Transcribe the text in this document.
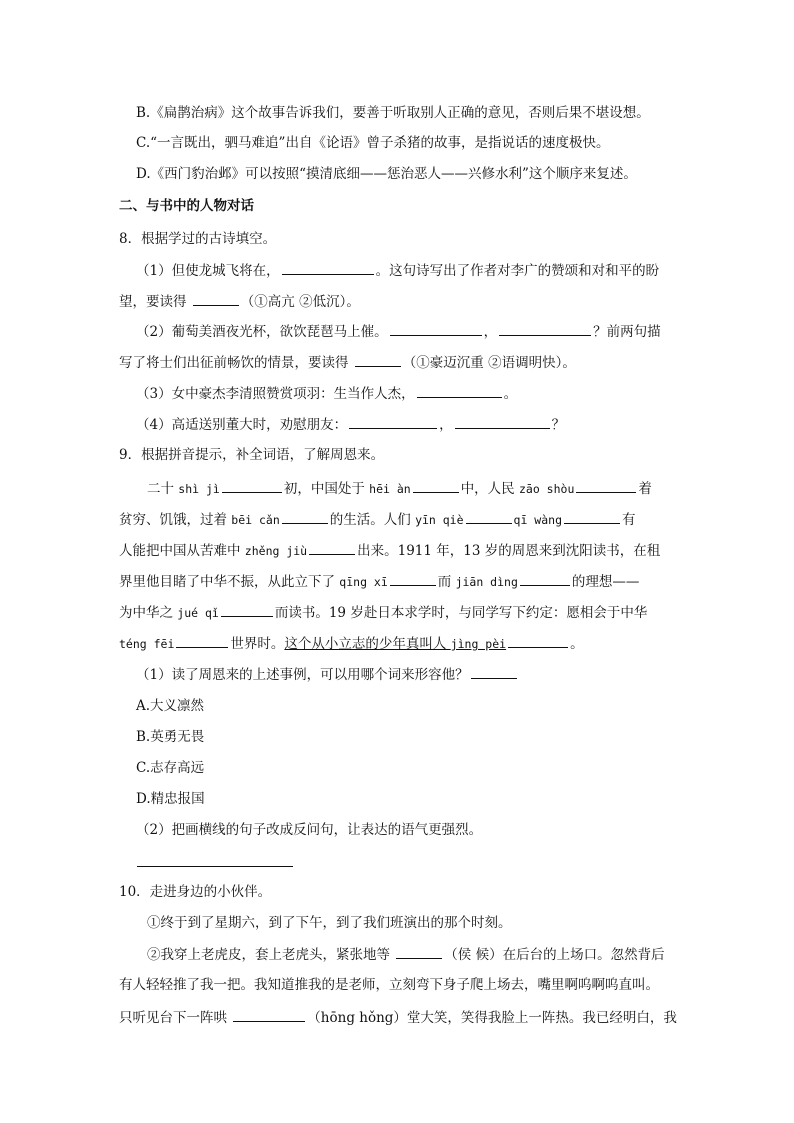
B.《扁鹊治病》这个故事告诉我们，要善于听取别人正确的意见，否则后果不堪设想。
C.“一言既出，驷马难追”出自《论语》曾子杀猪的故事，是指说话的速度极快。
D.《西门豹治邺》可以按照“摸清底细——惩治恶人——兴修水利”这个顺序来复述。
二、与书中的人物对话
8．根据学过的古诗填空。
（1）但使龙城飞将在，	。这句诗写出了作者对李广的赞颂和对和平的盼
望，要读得	（①高亢 ②低沉）。
（2）葡萄美酒夜光杯，欲饮琵琶马上催。	，	？前两句描
写了将士们出征前畅饮的情景，要读得	（①豪迈沉重 ②语调明快）。
（3）女中豪杰李清照赞赏项羽：生当作人杰，	。
（4）高适送别董大时，劝慰朋友：	，	？
9．根据拼音提示，补全词语，了解周恩来。
二十 shì jì	初，中国处于 hēi àn	中，人民 zāo shòu	着
贫穷、饥饿，过着 bēi cǎn	的生活。人们 yīn qiè	qī wàng	有
人能把中国从苦难中 zhěng jiù	出来。1911 年，13 岁的周恩来到沈阳读书，在租
界里他目睹了中华不振，从此立下了 qīng xī	而 jiān dìng	的理想——
为中华之 jué qǐ	而读书。19 岁赴日本求学时，与同学写下约定：愿相会于中华
téng fēi	世界时。这个从小立志的少年真叫人 jìng pèi	。
（1）读了周恩来的上述事例，可以用哪个词来形容他？
A.大义凛然
B.英勇无畏
C.志存高远
D.精忠报国
（2）把画横线的句子改成反问句，让表达的语气更强烈。
10．走进身边的小伙伴。
①终于到了星期六，到了下午，到了我们班演出的那个时刻。
②我穿上老虎皮，套上老虎头，紧张地等	（侯 候）在后台的上场口。忽然背后
有人轻轻推了我一把。我知道推我的是老师，立刻弯下身子爬上场去，嘴里啊呜啊呜直叫。
只听见台下一阵哄	（hōng hǒng）堂大笑，笑得我脸上一阵热。我已经明白，我
